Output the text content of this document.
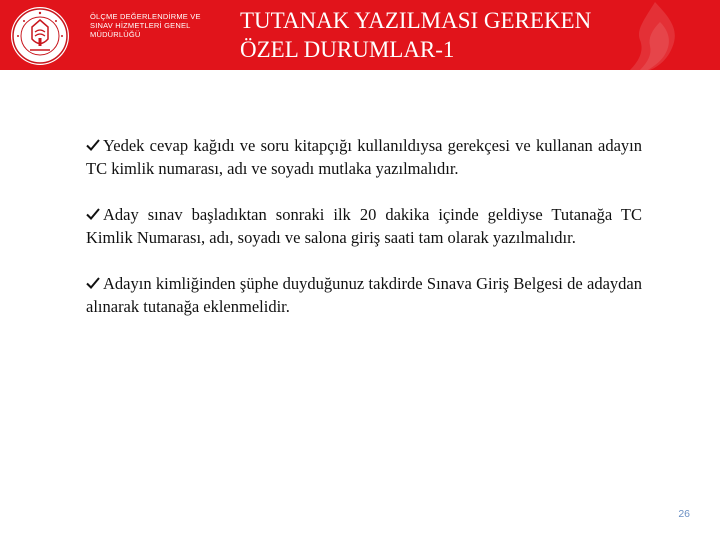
ÖLÇME DEĞERLENDİRME VE
SINAV HİZMETLERİ GENEL
MÜDÜRLÜĞÜ
TUTANAK YAZILMASI GEREKEN
ÖZEL DURUMLAR-1
Yedek cevap kağıdı ve soru kitapçığı kullanıldıysa gerekçesi ve kullanan adayın TC kimlik numarası, adı ve soyadı mutlaka yazılmalıdır.
Aday sınav başladıktan sonraki ilk 20 dakika içinde geldiyse Tutanağa TC Kimlik Numarası, adı, soyadı ve salona giriş saati tam olarak yazılmalıdır.
Adayın kimliğinden şüphe duyduğunuz takdirde Sınava Giriş Belgesi de adaydan alınarak tutanağa eklenmelidir.
26
